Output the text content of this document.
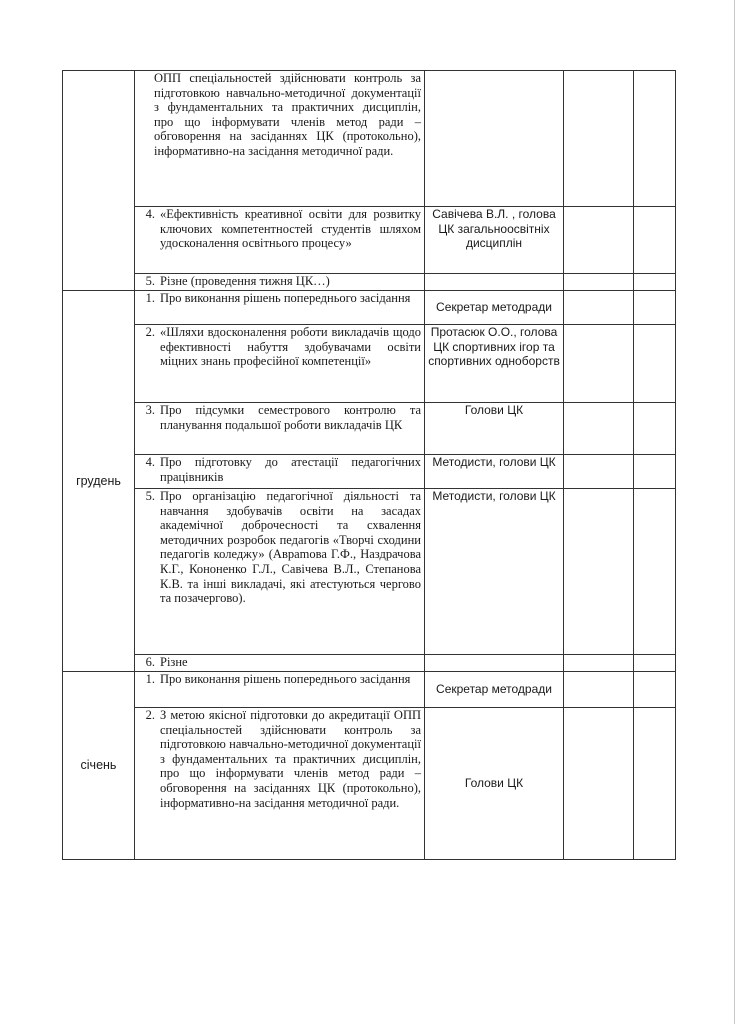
	ОПП спеціальностей здійснювати контроль за підготовкою навчально-методичної документації з фундаментальних та практичних дисциплін, про що інформувати членів метод ради – обговорення на засіданнях ЦК (протокольно), інформативно-на засідання методичної ради.			

	4. «Ефективність креативної освіти для розвитку ключових компетентностей студентів шляхом удосконалення освітнього процесу»	Савічева В.Л. , голова ЦК загальноосвітніх дисциплін		

	5. Різне (проведення тижня ЦК…)			

грудень	1. Про виконання рішень попереднього засідання	Секретар методради		

	2. «Шляхи вдосконалення роботи викладачів щодо ефективності набуття здобувачами освіти міцних знань професійної компетенції»	Протасюк О.О., голова ЦК спортивних ігор та спортивних одноборств		

	3. Про підсумки семестрового контролю та планування подальшої роботи викладачів ЦК	Голови ЦК		

	4. Про підготовку до атестації педагогічних працівників	Методисти, голови ЦК		

	5. Про організацію педагогічної діяльності та навчання здобувачів освіти на засадах академічної доброчесності та схвалення методичних розробок педагогів «Творчі сходини педагогів коледжу» (Авраmова Г.Ф., Наздрачова К.Г., Кононенко Г.Л., Савічева В.Л., Степанова К.В. та інші викладачі, які атестуються чергово та позачергово).	Методисти, голови ЦК		

	6. Різне			

січень	1. Про виконання рішень попереднього засідання	Секретар методради		

	2. З метою якісної підготовки до акредитації ОПП спеціальностей здійснювати контроль за підготовкою навчально-методичної документації з фундаментальних та практичних дисциплін, про що інформувати членів метод ради – обговорення на засіданнях ЦК (протокольно), інформативно-на засідання методичної ради.	Голови ЦК		
